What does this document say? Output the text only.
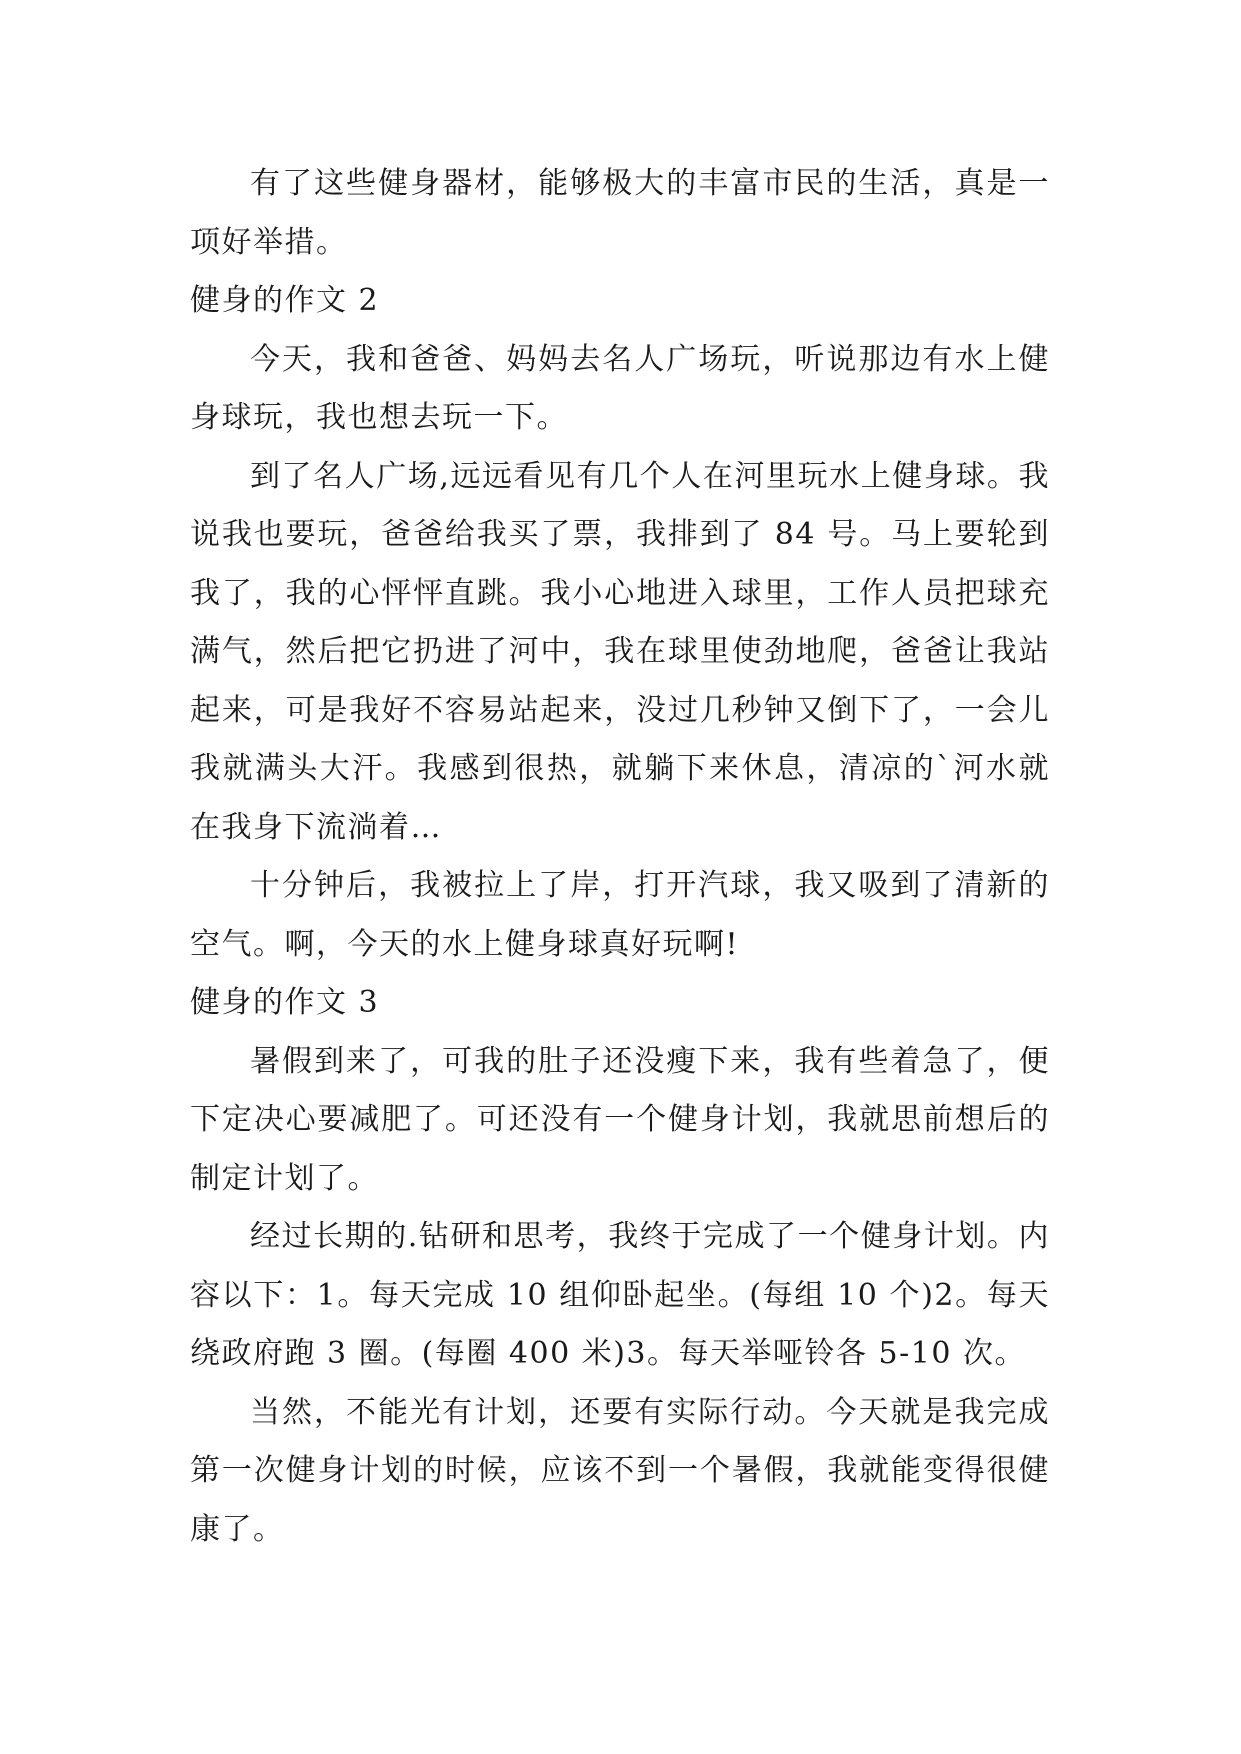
有了这些健身器材，能够极大的丰富市民的生活，真是一项好举措。

健身的作文 2

今天，我和爸爸、妈妈去名人广场玩，听说那边有水上健身球玩，我也想去玩一下。

到了名人广场,远远看见有几个人在河里玩水上健身球。我说我也要玩，爸爸给我买了票，我排到了 84 号。马上要轮到我了，我的心怦怦直跳。我小心地进入球里，工作人员把球充满气，然后把它扔进了河中，我在球里使劲地爬，爸爸让我站起来，可是我好不容易站起来，没过几秒钟又倒下了，一会儿我就满头大汗。我感到很热，就躺下来休息，清凉的`河水就在我身下流淌着…

十分钟后，我被拉上了岸，打开汽球，我又吸到了清新的空气。啊，今天的水上健身球真好玩啊!

健身的作文 3

暑假到来了，可我的肚子还没瘦下来，我有些着急了，便下定决心要减肥了。可还没有一个健身计划，我就思前想后的制定计划了。

经过长期的.钻研和思考，我终于完成了一个健身计划。内容以下：1。每天完成 10 组仰卧起坐。(每组 10 个)2。每天绕政府跑 3 圈。(每圈 400 米)3。每天举哑铃各 5-10 次。

当然，不能光有计划，还要有实际行动。今天就是我完成第一次健身计划的时候，应该不到一个暑假，我就能变得很健康了。
